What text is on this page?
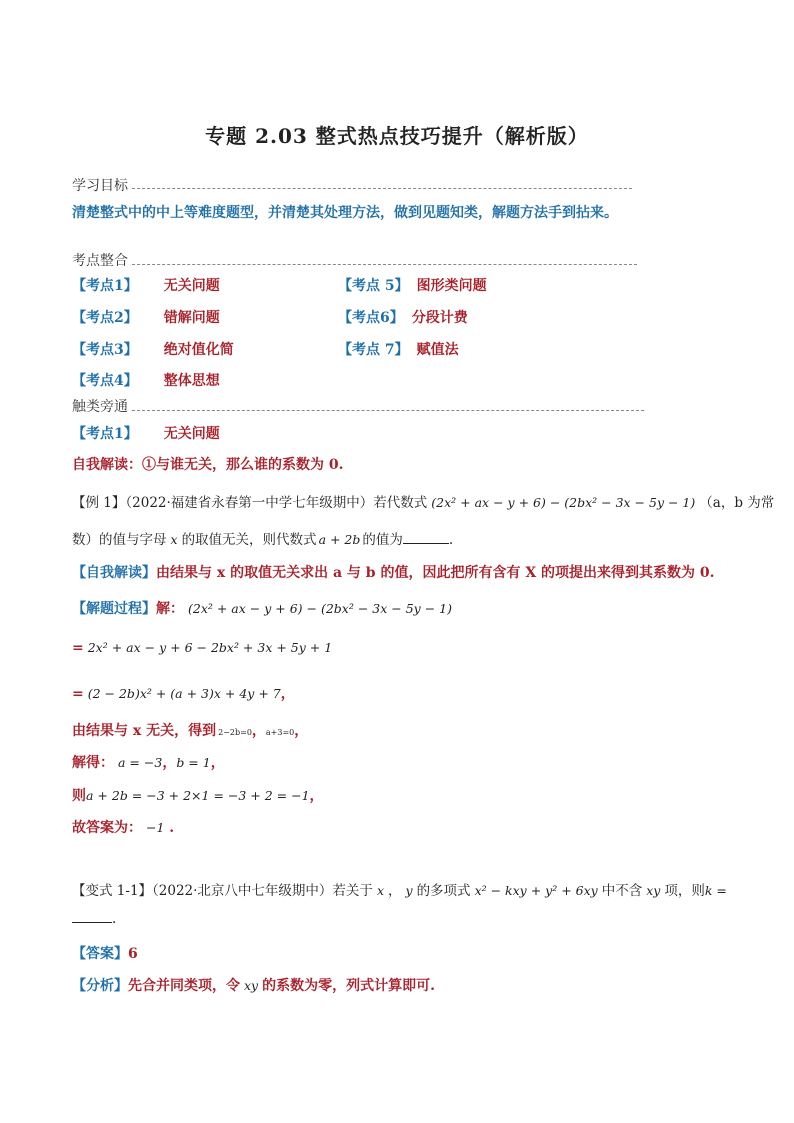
专题 2.03 整式热点技巧提升（解析版）
学习目标
清楚整式中的中上等难度题型，并清楚其处理方法，做到见题知类，解题方法手到拈来。
考点整合
【考点1】 无关问题	【考点 5】 图形类问题
【考点2】 错解问题	【考点6】 分段计费
【考点3】 绝对值化简	【考点 7】 赋值法
【考点4】 整体思想
触类旁通
【考点1】 无关问题
自我解读：①与谁无关，那么谁的系数为 0.
【例 1】（2022·福建省永春第一中学七年级期中）若代数式 (2x² + ax − y + 6) − (2bx² − 3x − 5y − 1) （a，b 为常
数）的值与字母 x 的取值无关，则代数式 a + 2b 的值为	.
【自我解读】由结果与 x 的取值无关求出 a 与 b 的值，因此把所有含有 X 的项提出来得到其系数为 0.
【解题过程】解： (2x² + ax − y + 6) − (2bx² − 3x − 5y − 1)
= 2x² + ax − y + 6 − 2bx² + 3x + 5y + 1
= (2 − 2b)x² + (a + 3)x + 4y + 7，
由结果与 x 无关，得到 2−2b=0，a+3=0，
解得： a = −3，b = 1，
则a + 2b = −3 + 2×1 = −3 + 2 = −1，
故答案为： −1 .
【变式 1-1】（2022·北京八中七年级期中）若关于 x ， y 的多项式 x² − kxy + y² + 6xy 中不含 xy 项，则k =
.
【答案】6
【分析】先合并同类项，令 xy 的系数为零，列式计算即可.
